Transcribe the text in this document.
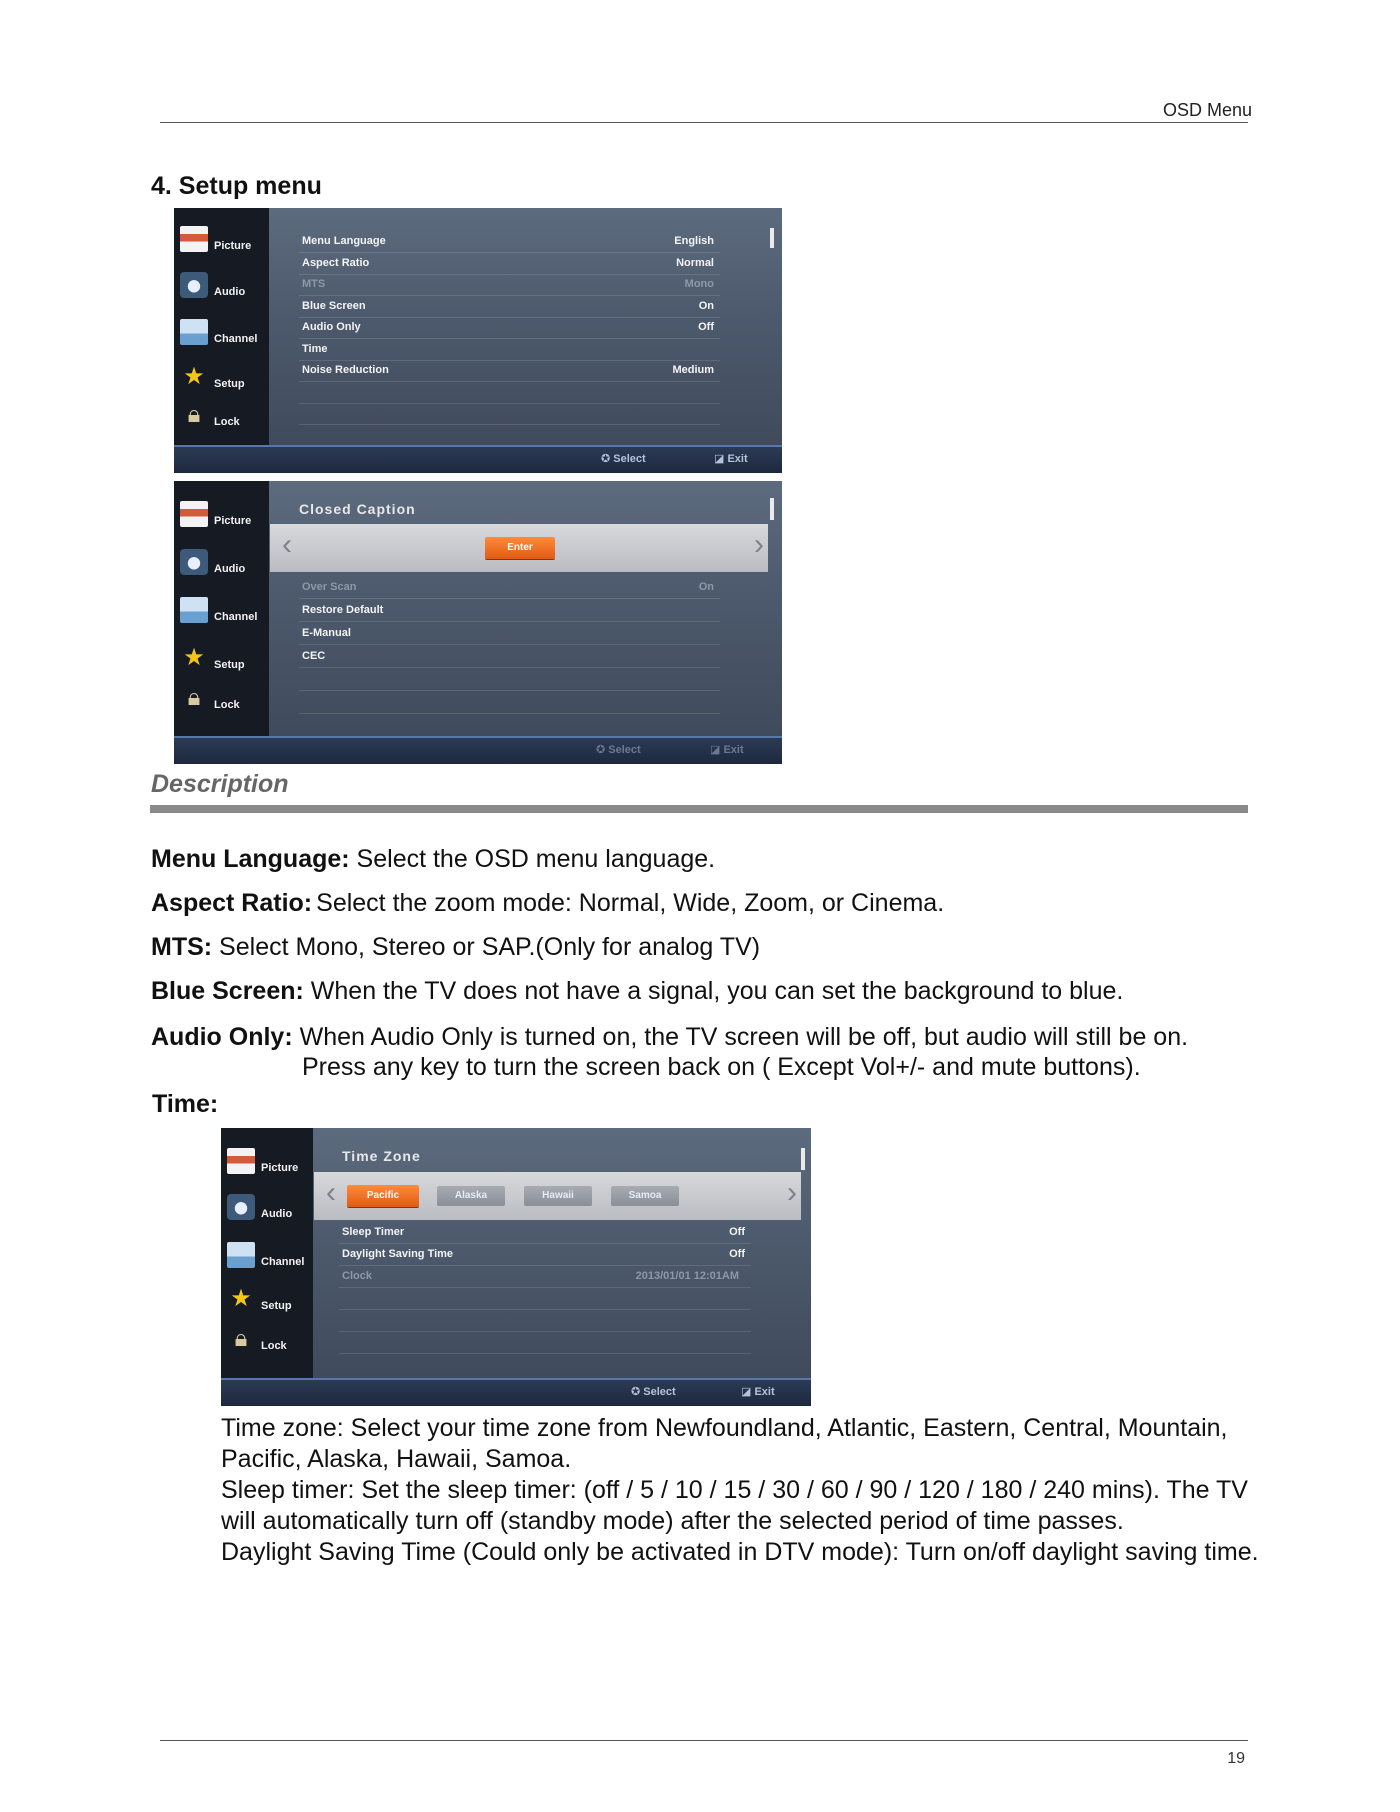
OSD Menu
4. Setup menu
Picture
Audio
Channel
★ Setup
🔒︎	Lock
Menu Language	English
Aspect Ratio	Normal
MTS	Mono
Blue Screen	On
Audio Only	Off
Time
Noise Reduction	Medium
✪ Select	◪ Exit
Picture
Audio
Channel
★ Setup
🔒︎	Lock
Closed Caption
‹	›
Enter
Over Scan	On
Restore Default
E-Manual
CEC
✪ Select	◪ Exit
Description
Menu Language: Select the OSD menu language.
Aspect Ratio: Select the zoom mode: Normal, Wide, Zoom, or Cinema.
MTS: Select Mono, Stereo or SAP.(Only for analog TV)
Blue Screen: When the TV does not have a signal, you can set the background to blue.
Audio Only: When Audio Only is turned on, the TV screen will be off, but audio will still be on.
Press any key to turn the screen back on ( Except Vol+/- and mute buttons).
Time:
Picture
Audio
Channel
★ Setup
🔒︎	Lock
Time Zone
‹	›
Pacific	Alaska	Hawaii	Samoa
Sleep Timer	Off
Daylight Saving Time	Off
Clock	2013/01/01 12:01AM
✪ Select	◪ Exit
Time zone: Select your time zone from Newfoundland, Atlantic, Eastern, Central, Mountain, Pacific, Alaska, Hawaii, Samoa.
Sleep timer: Set the sleep timer: (off / 5 / 10 / 15 / 30 / 60 / 90 / 120 / 180 / 240 mins). The TV will automatically turn off (standby mode) after the selected period of time passes.
Daylight Saving Time (Could only be activated in DTV mode): Turn on/off daylight saving time.
19
